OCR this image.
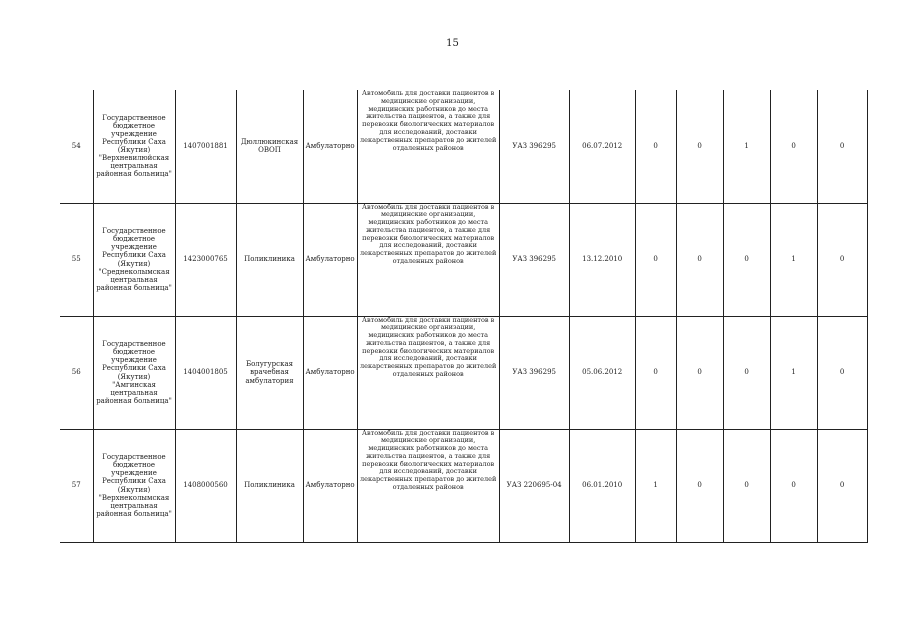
15
54	Государственное бюджетное учреждение Республики Саха (Якутия) "Верхневилюйская центральная районная больница"	1407001881	Дюллюкинская ОВОП	Амбулаторно	Автомобиль для доставки пациентов в медицинские организации, медицинских работников до места жительства пациентов, а также для перевозки биологических материалов для исследований, доставки лекарственных препаратов до жителей отдаленных районов	УАЗ 396295	06.07.2012	0	0	1	0	0
55	Государственное бюджетное учреждение Республики Саха (Якутия) "Среднеколымская центральная районная больница"	1423000765	Поликлиника	Амбулаторно	Автомобиль для доставки пациентов в медицинские организации, медицинских работников до места жительства пациентов, а также для перевозки биологических материалов для исследований, доставки лекарственных препаратов до жителей отдаленных районов	УАЗ 396295	13.12.2010	0	0	0	1	0
56	Государственное бюджетное учреждение Республики Саха (Якутия) "Амгинская центральная районная больница"	1404001805	Болугурская врачебная амбулатория	Амбулаторно	Автомобиль для доставки пациентов в медицинские организации, медицинских работников до места жительства пациентов, а также для перевозки биологических материалов для исследований, доставки лекарственных препаратов до жителей отдаленных районов	УАЗ 396295	05.06.2012	0	0	0	1	0
57	Государственное бюджетное учреждение Республики Саха (Якутия) "Верхнеколымская центральная районная больница"	1408000560	Поликлиника	Амбулаторно	Автомобиль для доставки пациентов в медицинские организации, медицинских работников до места жительства пациентов, а также для перевозки биологических материалов для исследований, доставки лекарственных препаратов до жителей отдаленных районов	УАЗ 220695-04	06.01.2010	1	0	0	0	0
